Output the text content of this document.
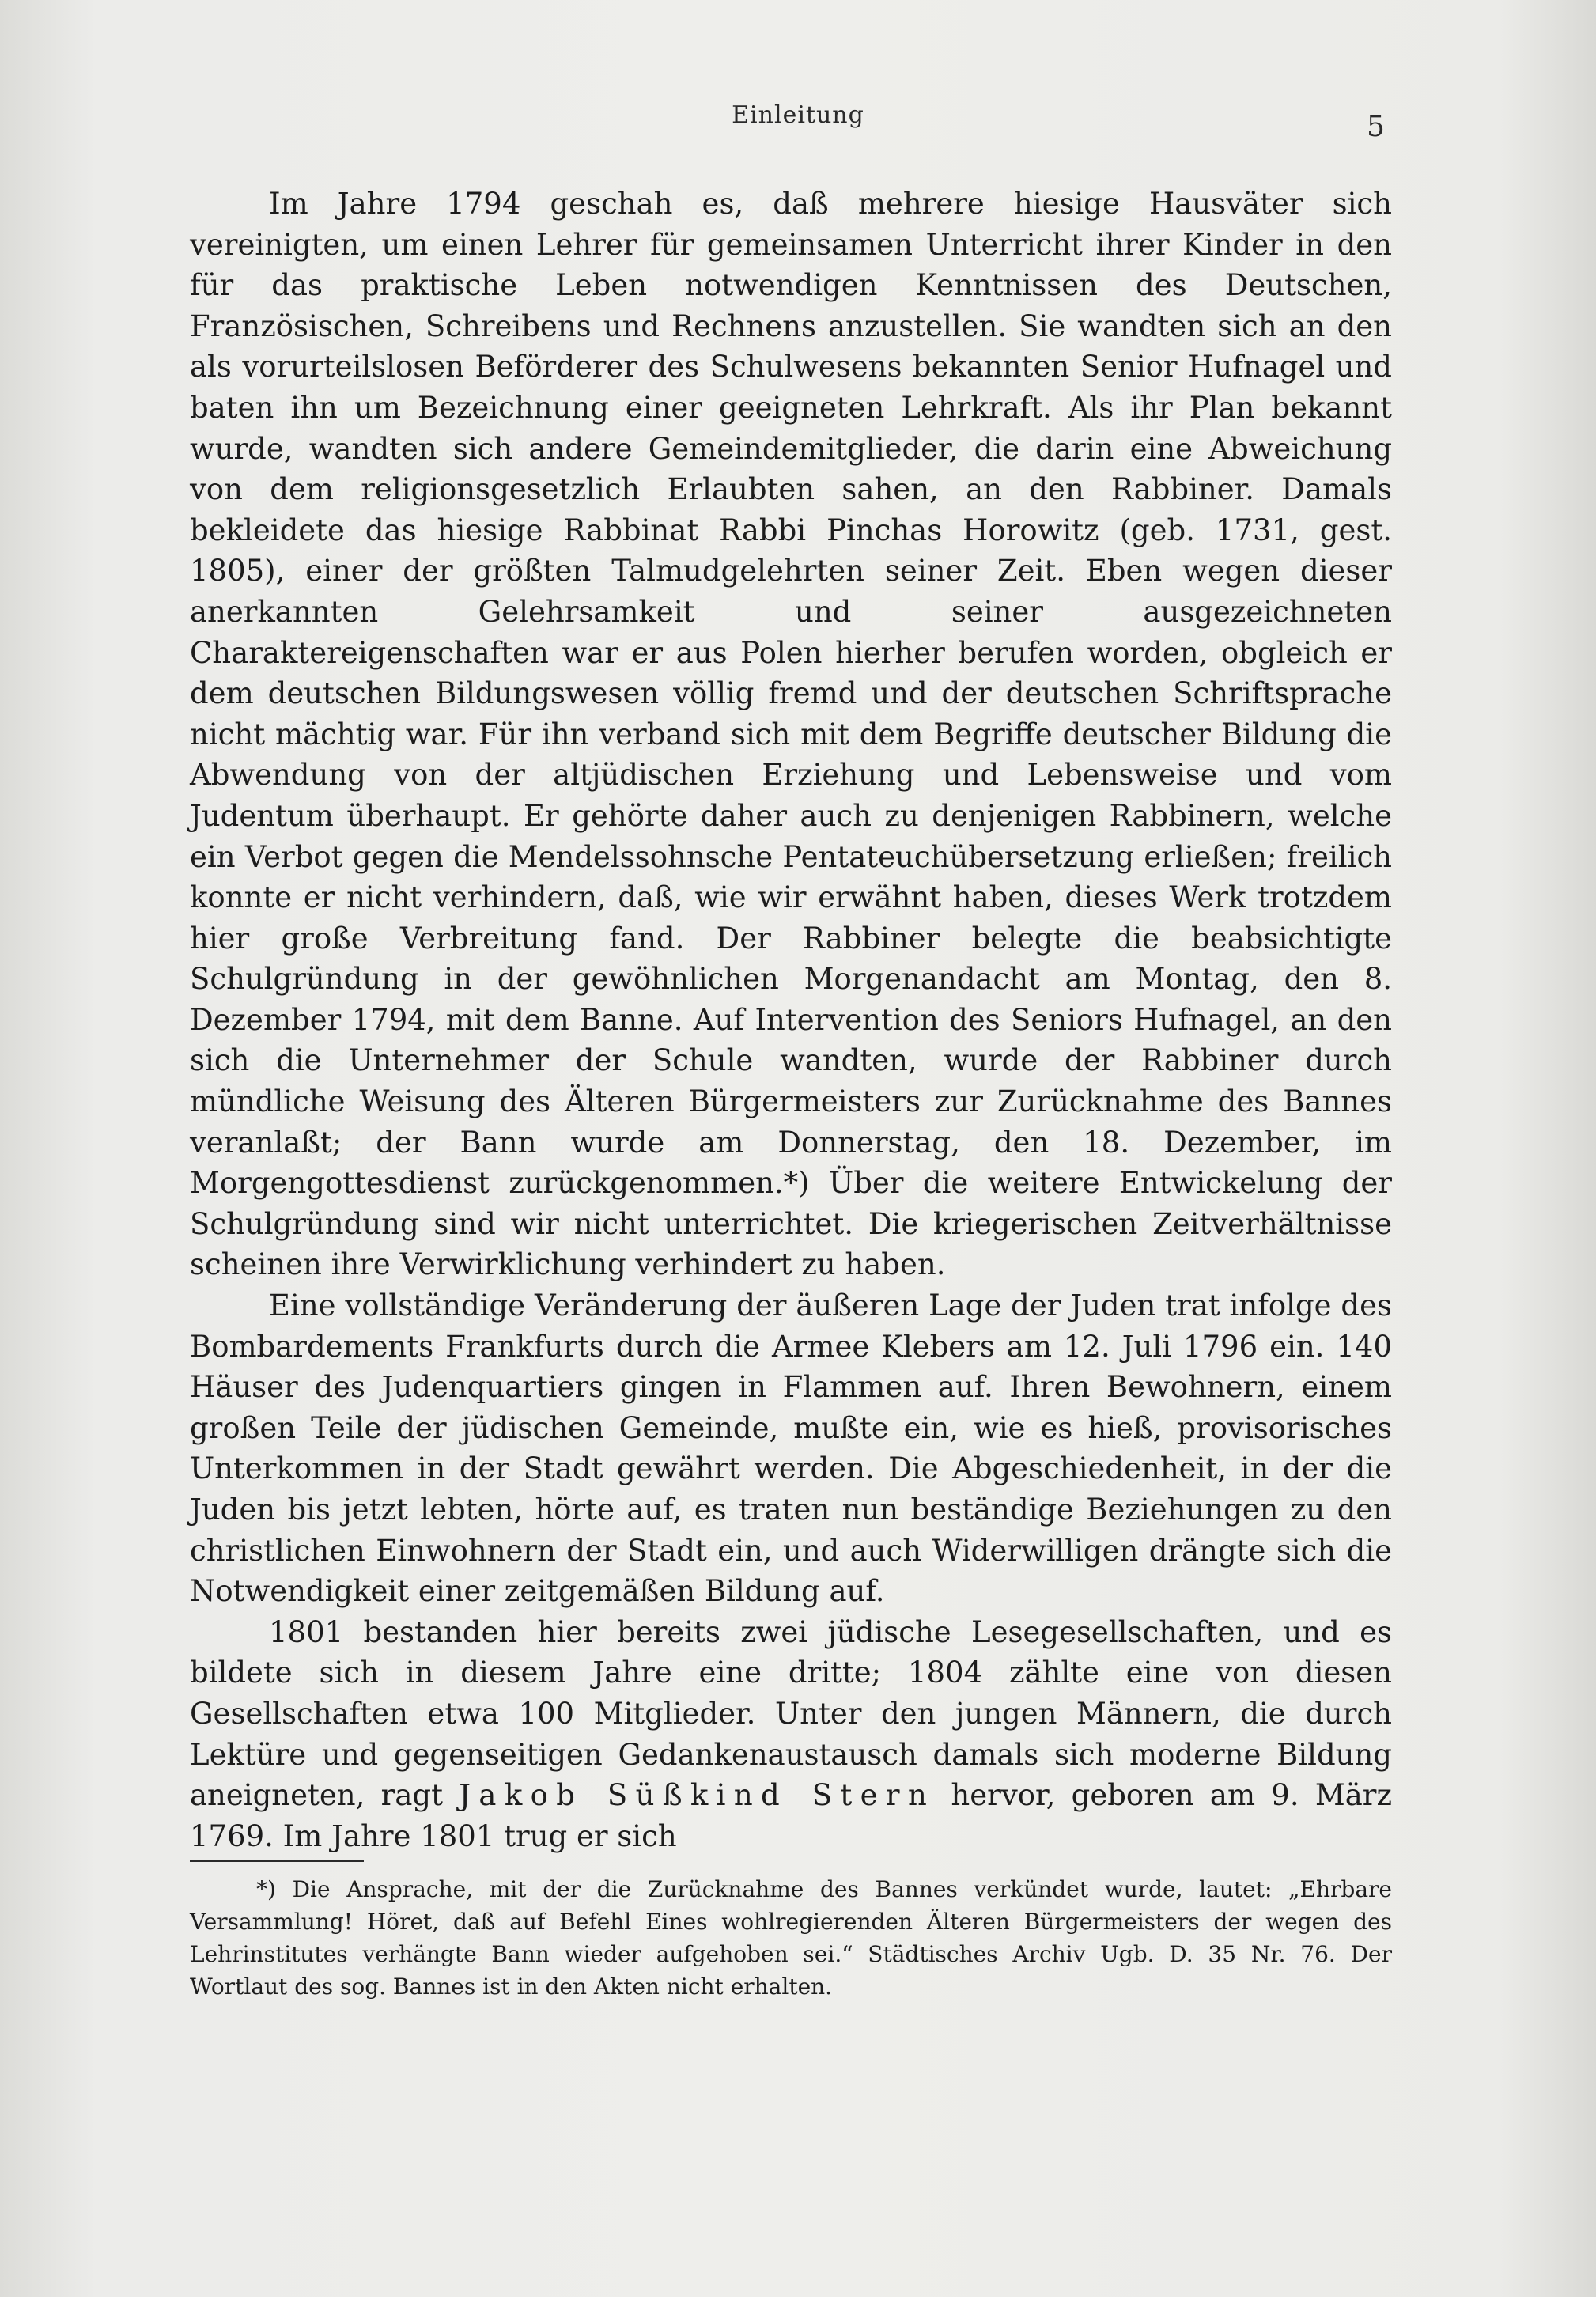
Einleitung	5

Im Jahre 1794 geschah es, daß mehrere hiesige Hausväter sich vereinigten, um einen Lehrer für gemeinsamen Unterricht ihrer Kinder in den für das praktische Leben notwendigen Kenntnissen des Deutschen, Französischen, Schreibens und Rechnens anzustellen. Sie wandten sich an den als vorurteilslosen Beförderer des Schulwesens bekannten Senior Hufnagel und baten ihn um Bezeichnung einer geeigneten Lehrkraft. Als ihr Plan bekannt wurde, wandten sich andere Gemeindemitglieder, die darin eine Abweichung von dem religionsgesetzlich Erlaubten sahen, an den Rabbiner. Damals bekleidete das hiesige Rabbinat Rabbi Pinchas Horowitz (geb. 1731, gest. 1805), einer der größten Talmudgelehrten seiner Zeit. Eben wegen dieser anerkannten Gelehrsamkeit und seiner ausgezeichneten Charaktereigenschaften war er aus Polen hierher berufen worden, obgleich er dem deutschen Bildungswesen völlig fremd und der deutschen Schriftsprache nicht mächtig war. Für ihn verband sich mit dem Begriffe deutscher Bildung die Abwendung von der altjüdischen Erziehung und Lebensweise und vom Judentum überhaupt. Er gehörte daher auch zu denjenigen Rabbinern, welche ein Verbot gegen die Mendelssohnsche Pentateuchübersetzung erließen; freilich konnte er nicht verhindern, daß, wie wir erwähnt haben, dieses Werk trotzdem hier große Verbreitung fand. Der Rabbiner belegte die beabsichtigte Schulgründung in der gewöhnlichen Morgenandacht am Montag, den 8. Dezember 1794, mit dem Banne. Auf Intervention des Seniors Hufnagel, an den sich die Unternehmer der Schule wandten, wurde der Rabbiner durch mündliche Weisung des Älteren Bürgermeisters zur Zurücknahme des Bannes veranlaßt; der Bann wurde am Donnerstag, den 18. Dezember, im Morgengottesdienst zurückgenommen.*) Über die weitere Entwickelung der Schulgründung sind wir nicht unterrichtet. Die kriegerischen Zeitverhältnisse scheinen ihre Verwirklichung verhindert zu haben.

Eine vollständige Veränderung der äußeren Lage der Juden trat infolge des Bombardements Frankfurts durch die Armee Klebers am 12. Juli 1796 ein. 140 Häuser des Judenquartiers gingen in Flammen auf. Ihren Bewohnern, einem großen Teile der jüdischen Gemeinde, mußte ein, wie es hieß, provisorisches Unterkommen in der Stadt gewährt werden. Die Abgeschiedenheit, in der die Juden bis jetzt lebten, hörte auf, es traten nun beständige Beziehungen zu den christlichen Einwohnern der Stadt ein, und auch Widerwilligen drängte sich die Notwendigkeit einer zeitgemäßen Bildung auf.

1801 bestanden hier bereits zwei jüdische Lesegesellschaften, und es bildete sich in diesem Jahre eine dritte; 1804 zählte eine von diesen Gesellschaften etwa 100 Mitglieder. Unter den jungen Männern, die durch Lektüre und gegenseitigen Gedankenaustausch damals sich moderne Bildung aneigneten, ragt Jakob Süßkind Stern hervor, geboren am 9. März 1769. Im Jahre 1801 trug er sich

*) Die Ansprache, mit der die Zurücknahme des Bannes verkündet wurde, lautet: „Ehrbare Versammlung! Höret, daß auf Befehl Eines wohlregierenden Älteren Bürgermeisters der wegen des Lehrinstitutes verhängte Bann wieder aufgehoben sei.“ Städtisches Archiv Ugb. D. 35 Nr. 76. Der Wortlaut des sog. Bannes ist in den Akten nicht erhalten.
